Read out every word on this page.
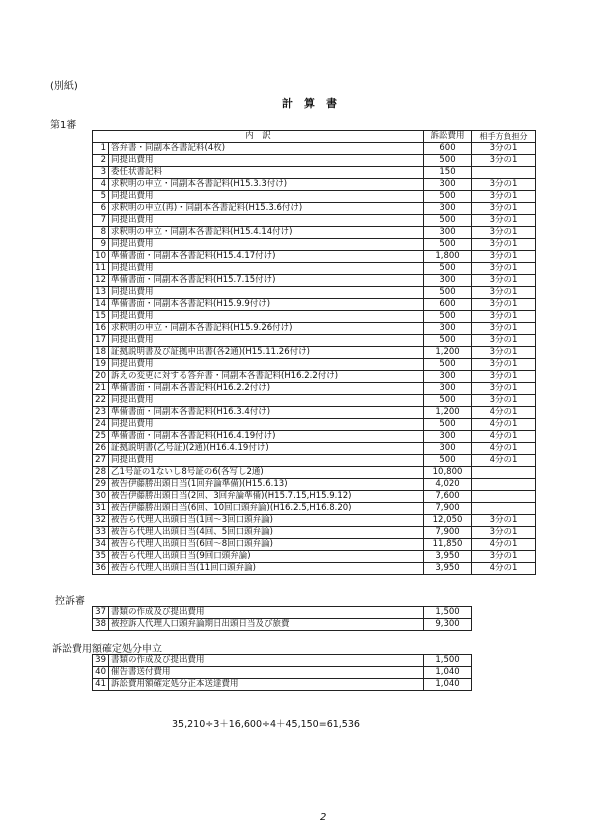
(別紙)
計　算　書
第1審
内　訳		訴訟費用	相手方負担分
1	答弁書・同副本各書記料(4枚)	600	3分の1
2	同提出費用	500	3分の1
3	委任状書記料	150	
4	求釈明の申立・同副本各書記料(H15.3.3付け)	300	3分の1
5	同提出費用	500	3分の1
6	求釈明の申立(再)・同副本各書記料(H15.3.6付け)	300	3分の1
7	同提出費用	500	3分の1
8	求釈明の申立・同副本各書記料(H15.4.14付け)	300	3分の1
9	同提出費用	500	3分の1
10	準備書面・同副本各書記料(H15.4.17付け)	1,800	3分の1
11	同提出費用	500	3分の1
12	準備書面・同副本各書記料(H15.7.15付け)	300	3分の1
13	同提出費用	500	3分の1
14	準備書面・同副本各書記料(H15.9.9付け)	600	3分の1
15	同提出費用	500	3分の1
16	求釈明の申立・同副本各書記料(H15.9.26付け)	300	3分の1
17	同提出費用	500	3分の1
18	証拠説明書及び証拠申出書(各2通)(H15.11.26付け)	1,200	3分の1
19	同提出費用	500	3分の1
20	訴えの変更に対する答弁書・同副本各書記料(H16.2.2付け)	300	3分の1
21	準備書面・同副本各書記料(H16.2.2付け)	300	3分の1
22	同提出費用	500	3分の1
23	準備書面・同副本各書記料(H16.3.4付け)	1,200	4分の1
24	同提出費用	500	4分の1
25	準備書面・同副本各書記料(H16.4.19付け)	300	4分の1
26	証拠説明書(乙号証)(2通)(H16.4.19付け)	300	4分の1
27	同提出費用	500	4分の1
28	乙1号証の1ないし8号証の6(各写し2通)	10,800	
29	被告伊藤勝出頭日当(1回弁論準備)(H15.6.13)	4,020	
30	被告伊藤勝出頭日当(2回、3回弁論準備)(H15.7.15,H15.9.12)	7,600	
31	被告伊藤勝出頭日当(6回、10回口頭弁論)(H16.2.5,H16.8.20)	7,900	
32	被告ら代理人出頭日当(1回～3回口頭弁論)	12,050	3分の1
33	被告ら代理人出頭日当(4回、5回口頭弁論)	7,900	3分の1
34	被告ら代理人出頭日当(6回～8回口頭弁論)	11,850	4分の1
35	被告ら代理人出頭日当(9回口頭弁論)	3,950	3分の1
36	被告ら代理人出頭日当(11回口頭弁論)	3,950	4分の1
控訴審
37	書類の作成及び提出費用	1,500	
38	被控訴人代理人口頭弁論期日出頭日当及び旅費	9,300	
訴訟費用額確定処分申立
39	書類の作成及び提出費用	1,500	
40	催告書送付費用	1,040	
41	訴訟費用額確定処分正本送達費用	1,040	
35,210÷3＋16,600÷4＋45,150=61,536
2
